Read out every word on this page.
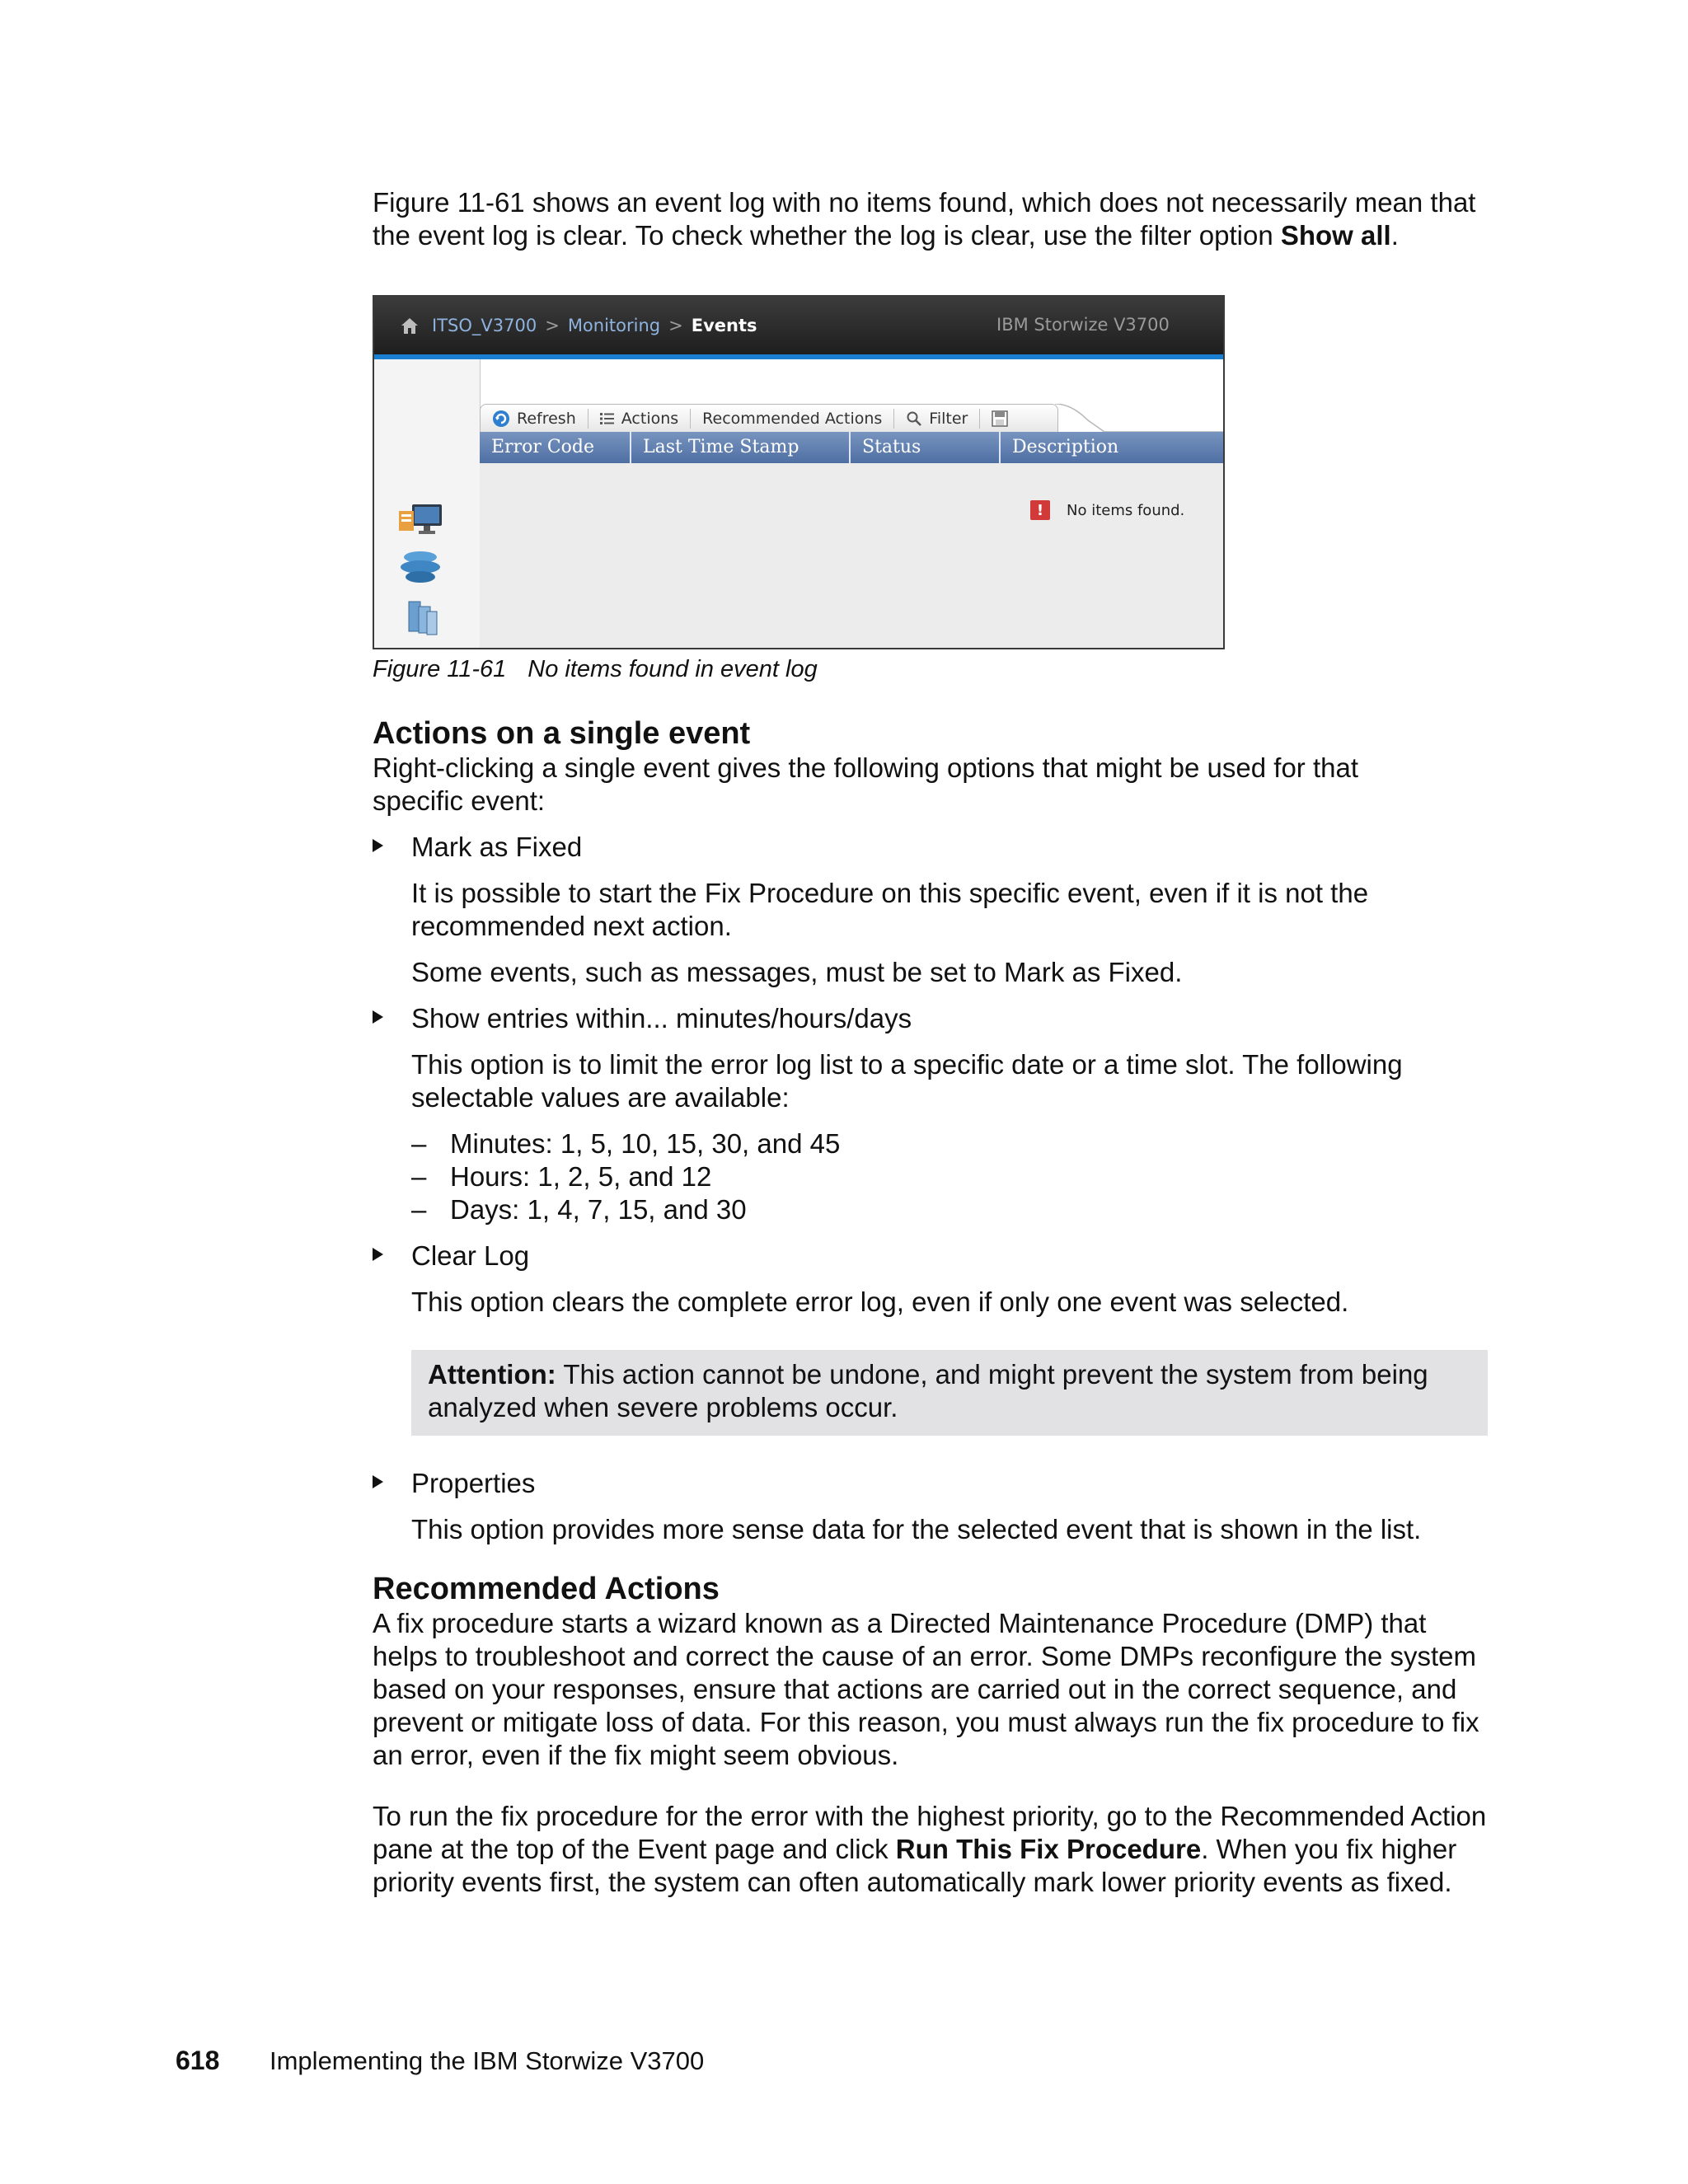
Figure 11-61 shows an event log with no items found, which does not necessarily mean that the event log is clear. To check whether the log is clear, use the filter option Show all.

ITSO_V3700 > Monitoring > Events	IBM Storwize V3700
Refresh	Actions Recommended Actions	Filter
Error Code	Last Time Stamp	Status	Description
!	No items found.

Figure 11-61 No items found in event log

Actions on a single event

Right-clicking a single event gives the following options that might be used for that specific event:

Mark as Fixed

It is possible to start the Fix Procedure on this specific event, even if it is not the recommended next action.

Some events, such as messages, must be set to Mark as Fixed.

Show entries within... minutes/hours/days

This option is to limit the error log list to a specific date or a time slot. The following selectable values are available:

– Minutes: 1, 5, 10, 15, 30, and 45
– Hours: 1, 2, 5, and 12
– Days: 1, 4, 7, 15, and 30
Clear Log

This option clears the complete error log, even if only one event was selected.

Attention: This action cannot be undone, and might prevent the system from being analyzed when severe problems occur.
Properties

This option provides more sense data for the selected event that is shown in the list.

Recommended Actions

A fix procedure starts a wizard known as a Directed Maintenance Procedure (DMP) that helps to troubleshoot and correct the cause of an error. Some DMPs reconfigure the system based on your responses, ensure that actions are carried out in the correct sequence, and prevent or mitigate loss of data. For this reason, you must always run the fix procedure to fix an error, even if the fix might seem obvious.

To run the fix procedure for the error with the highest priority, go to the Recommended Action pane at the top of the Event page and click Run This Fix Procedure. When you fix higher priority events first, the system can often automatically mark lower priority events as fixed.

618	Implementing the IBM Storwize V3700
